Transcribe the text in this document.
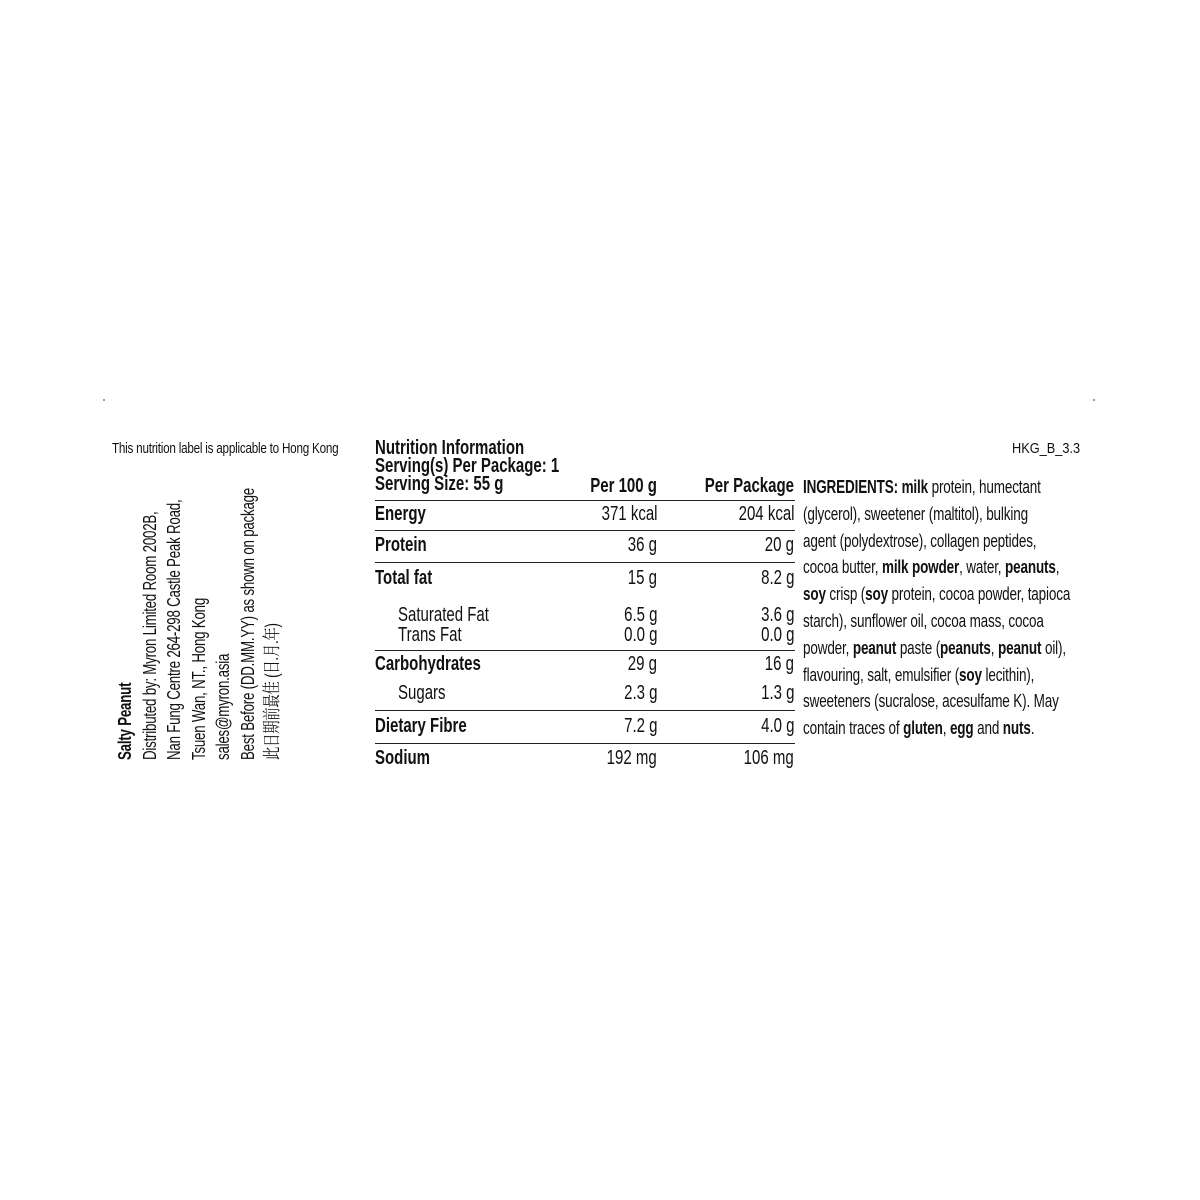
This nutrition label is applicable to Hong Kong	HKG_B_3.3
Salty Peanut Distributed by: Myron Limited Room 2002B, Nan Fung Centre 264-298 Castle Peak Road, Tsuen Wan, NT., Hong Kong sales@myron.asia Best Before (DD.MM.YY) as shown on package 此日期前最佳 (日.月.年)
Nutrition Information
Serving(s) Per Package: 1
Serving Size: 55 g	Per 100 g Per Package
Energy	371 kcal	204 kcal
Protein	36 g	20 g
Total fat	15 g	8.2 g
Saturated Fat	6.5 g	3.6 g
Trans Fat	0.0 g	0.0 g
Carbohydrates	29 g	16 g
Sugars	2.3 g	1.3 g
Dietary Fibre	7.2 g	4.0 g
Sodium	192 mg	106 mg
INGREDIENTS: milk protein, humectant
(glycerol), sweetener (maltitol), bulking
agent (polydextrose), collagen peptides,
cocoa butter, milk powder, water, peanuts,
soy crisp (soy protein, cocoa powder, tapioca
starch), sunflower oil, cocoa mass, cocoa
powder, peanut paste (peanuts, peanut oil),
flavouring, salt, emulsifier (soy lecithin),
sweeteners (sucralose, acesulfame K). May
contain traces of gluten, egg and nuts.
